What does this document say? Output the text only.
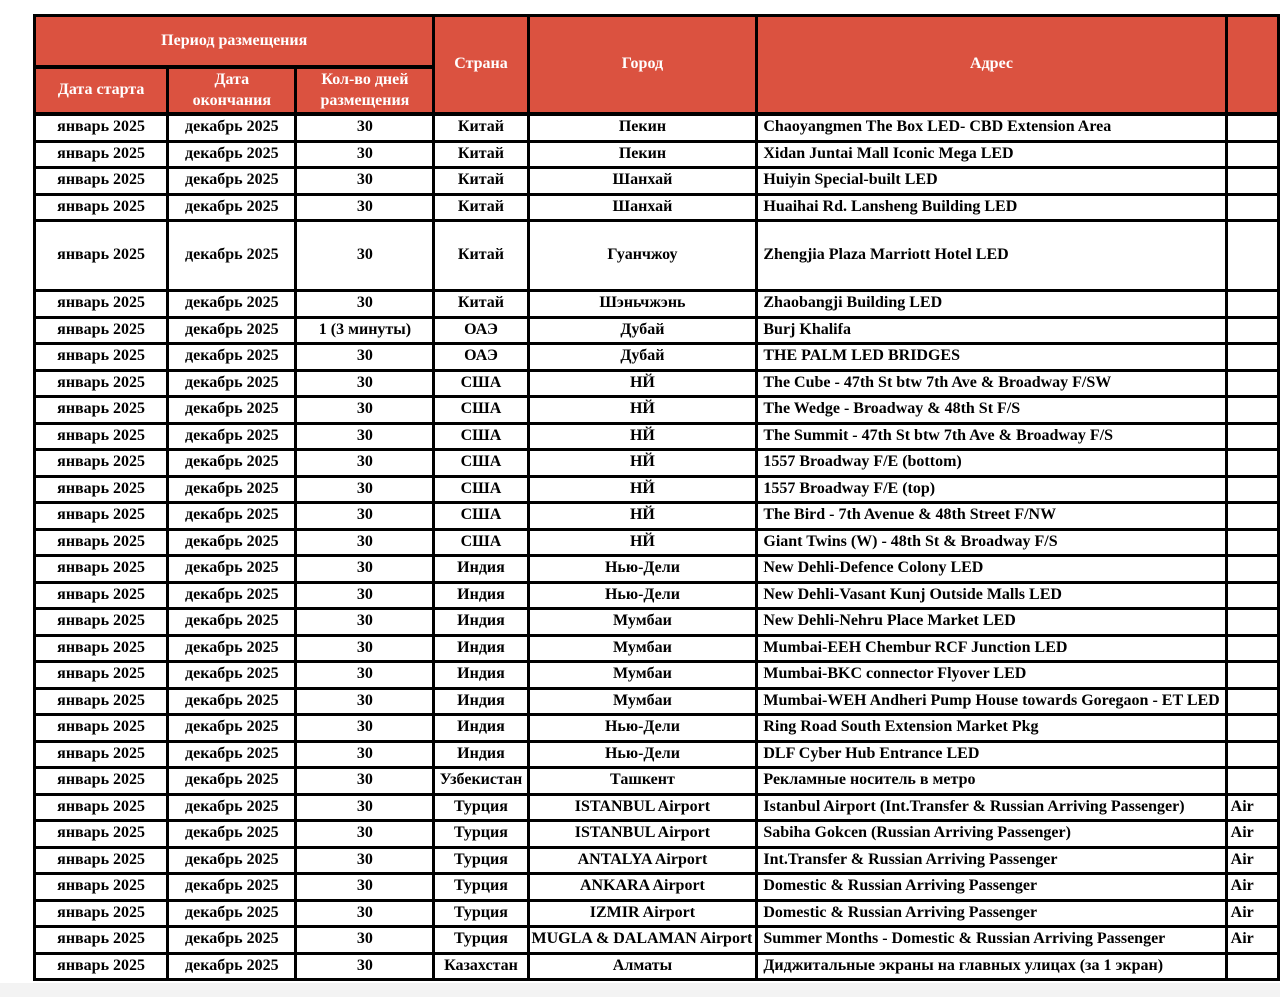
Период размещения			Страна	Город	Адрес	
Дата старта	Дата окончания	Кол-во дней размещения				
январь 2025	декабрь 2025	30	Китай	Пекин	Chaoyangmen The Box LED- CBD Extension Area	
январь 2025	декабрь 2025	30	Китай	Пекин	Xidan Juntai Mall Iconic Mega LED	
январь 2025	декабрь 2025	30	Китай	Шанхай	Huiyin Special-built LED	
январь 2025	декабрь 2025	30	Китай	Шанхай	Huaihai Rd. Lansheng Building LED	
январь 2025	декабрь 2025	30	Китай	Гуанчжоу	Zhengjia Plaza Marriott Hotel LED	
январь 2025	декабрь 2025	30	Китай	Шэньчжэнь	Zhaobangji Building LED	
январь 2025	декабрь 2025	1 (3 минуты)	ОАЭ	Дубай	Burj Khalifa	
январь 2025	декабрь 2025	30	ОАЭ	Дубай	THE PALM LED BRIDGES	
январь 2025	декабрь 2025	30	США	НЙ	The Cube - 47th St btw 7th Ave & Broadway F/SW	
январь 2025	декабрь 2025	30	США	НЙ	The Wedge - Broadway & 48th St F/S	
январь 2025	декабрь 2025	30	США	НЙ	The Summit - 47th St btw 7th Ave & Broadway F/S	
январь 2025	декабрь 2025	30	США	НЙ	1557 Broadway F/E (bottom)	
январь 2025	декабрь 2025	30	США	НЙ	1557 Broadway F/E (top)	
январь 2025	декабрь 2025	30	США	НЙ	The Bird - 7th Avenue & 48th Street F/NW	
январь 2025	декабрь 2025	30	США	НЙ	Giant Twins (W) - 48th St & Broadway F/S	
январь 2025	декабрь 2025	30	Индия	Нью-Дели	New Dehli-Defence Colony LED	
январь 2025	декабрь 2025	30	Индия	Нью-Дели	New Dehli-Vasant Kunj Outside Malls LED	
январь 2025	декабрь 2025	30	Индия	Мумбаи	New Dehli-Nehru Place Market LED	
январь 2025	декабрь 2025	30	Индия	Мумбаи	Mumbai-EEH Chembur RCF Junction LED	
январь 2025	декабрь 2025	30	Индия	Мумбаи	Mumbai-BKC connector Flyover LED	
январь 2025	декабрь 2025	30	Индия	Мумбаи	Mumbai-WEH Andheri Pump House towards Goregaon - ET LED	
январь 2025	декабрь 2025	30	Индия	Нью-Дели	Ring Road South Extension Market Pkg	
январь 2025	декабрь 2025	30	Индия	Нью-Дели	DLF Cyber Hub Entrance LED	
январь 2025	декабрь 2025	30	Узбекистан	Ташкент	Рекламные носитель в метро	
январь 2025	декабрь 2025	30	Турция	ISTANBUL Airport	Istanbul Airport (Int.Transfer & Russian Arriving Passenger)	Air
январь 2025	декабрь 2025	30	Турция	ISTANBUL Airport	Sabiha Gokcen (Russian Arriving Passenger)	Air
январь 2025	декабрь 2025	30	Турция	ANTALYA Airport	Int.Transfer & Russian Arriving Passenger	Air
январь 2025	декабрь 2025	30	Турция	ANKARA Airport	Domestic & Russian Arriving Passenger	Air
январь 2025	декабрь 2025	30	Турция	IZMIR Airport	Domestic & Russian Arriving Passenger	Air
январь 2025	декабрь 2025	30	Турция	MUGLA & DALAMAN Airport	Summer Months - Domestic & Russian Arriving Passenger	Air
январь 2025	декабрь 2025	30	Казахстан	Алматы	Диджитальные экраны на главных улицах (за 1 экран)	
